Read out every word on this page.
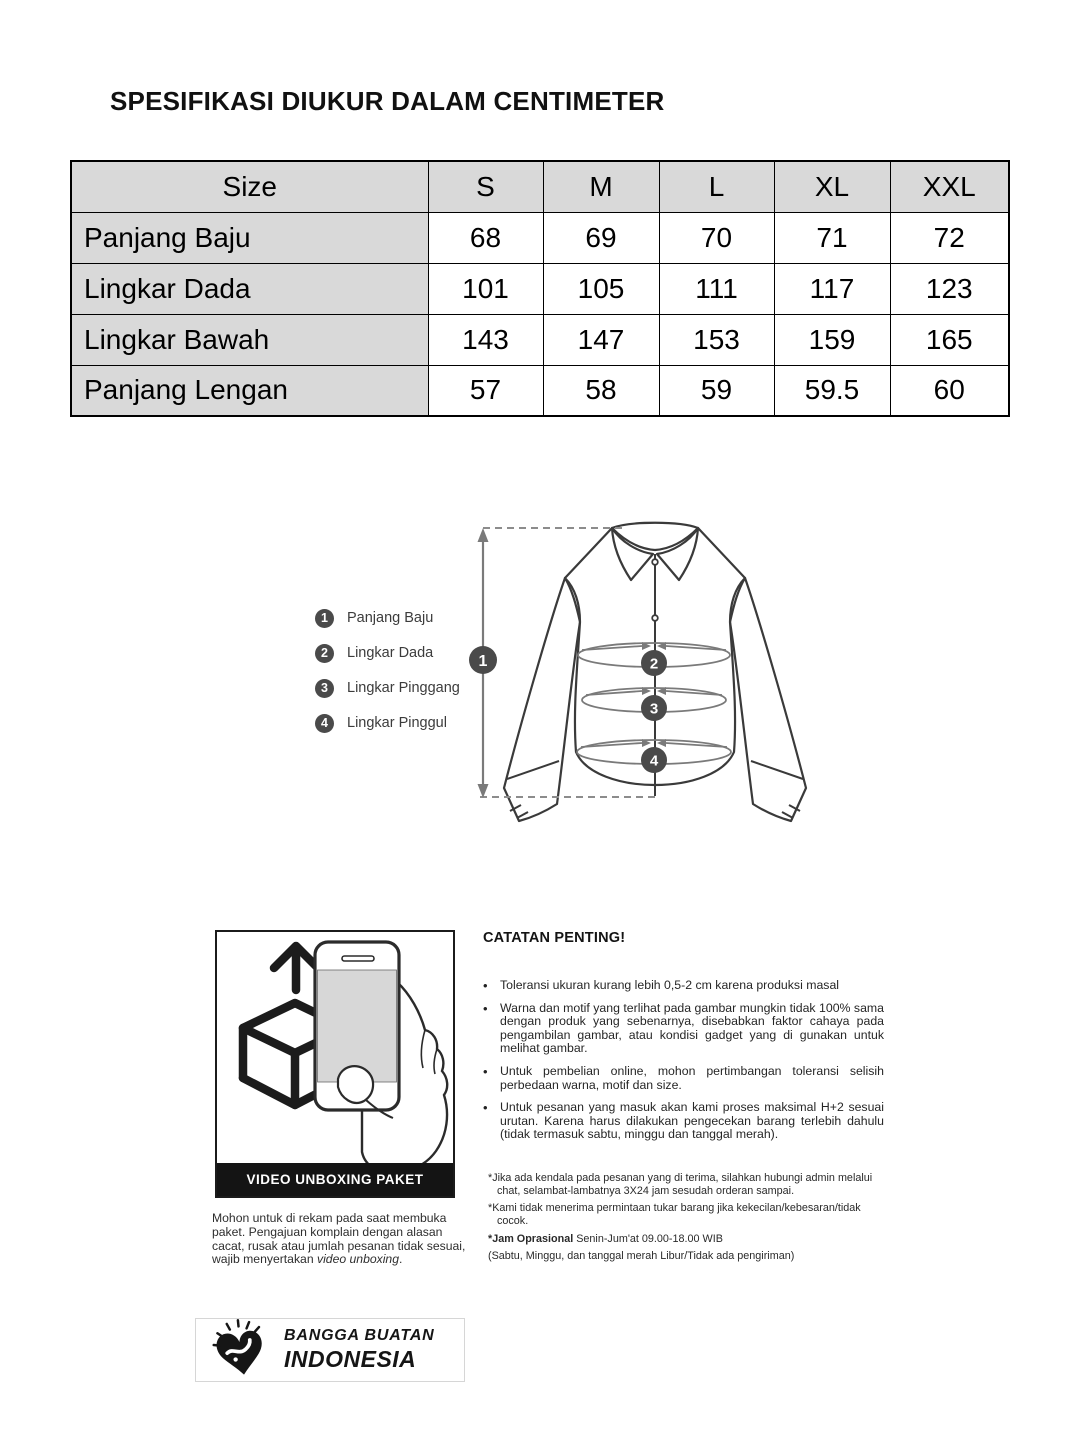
SPESIFIKASI DIUKUR DALAM CENTIMETER
Size	S	M	L	XL	XXL
Panjang Baju	68	69	70	71	72
Lingkar Dada	101	105	111	117	123
Lingkar Bawah	143	147	153	159	165
Panjang Lengan	57	58	59	59.5	60
1	Panjang Baju
2	Lingkar Dada
3	Lingkar Pinggang
4	Lingkar Pinggul
1	2
3
4
VIDEO UNBOXING PAKET
Mohon untuk di rekam pada saat membuka paket. Pengajuan komplain dengan alasan cacat, rusak atau jumlah pesanan tidak sesuai, wajib menyertakan video unboxing.
CATATAN PENTING!
• Toleransi ukuran kurang lebih 0,5-2 cm karena produksi masal
• Warna dan motif yang terlihat pada gambar mungkin tidak 100% sama dengan produk yang sebenarnya, disebabkan faktor cahaya pada pengambilan gambar, atau kondisi gadget yang di gunakan untuk melihat gambar.
• Untuk pembelian online, mohon pertimbangan toleransi selisih perbedaan warna, motif dan size.
• Untuk pesanan yang masuk akan kami proses maksimal H+2 sesuai urutan. Karena harus dilakukan pengecekan barang terlebih dahulu (tidak termasuk sabtu, minggu dan tanggal merah).
*Jika ada kendala pada pesanan yang di terima, silahkan hubungi admin melalui chat, selambat-lambatnya 3X24 jam sesudah orderan sampai.
*Kami tidak menerima permintaan tukar barang jika kekecilan/kebesaran/tidak cocok.
*Jam Oprasional Senin-Jum'at 09.00-18.00 WIB
(Sabtu, Minggu, dan tanggal merah Libur/Tidak ada pengiriman)
BANGGA BUATAN
INDONESIA
